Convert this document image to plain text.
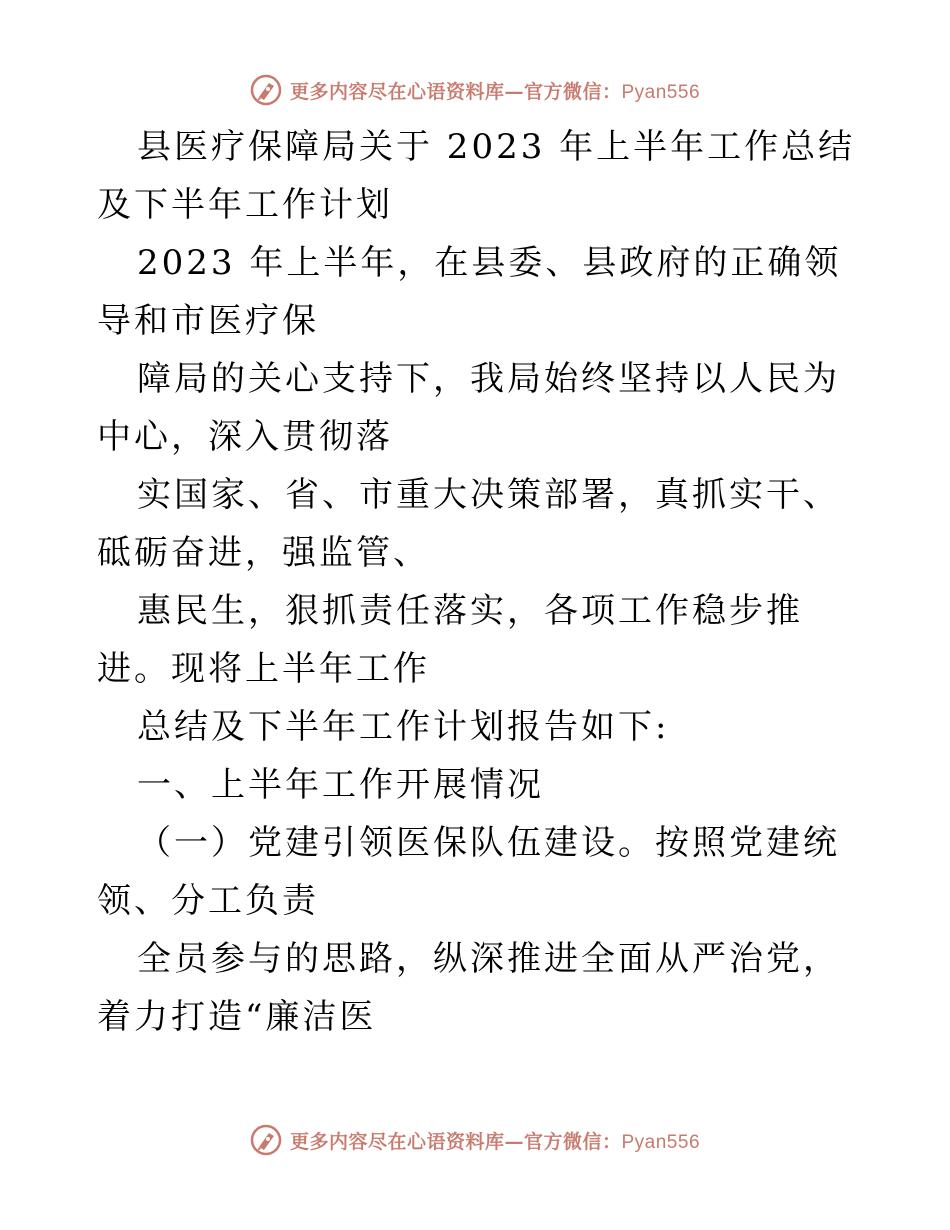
更多内容尽在心语资料库—官方微信：Pyan556

县医疗保障局关于 2023 年上半年工作总结及下半年工作计划

2023 年上半年，在县委、县政府的正确领导和市医疗保

障局的关心支持下，我局始终坚持以人民为中心，深入贯彻落

实国家、省、市重大决策部署，真抓实干、砥砺奋进，强监管、

惠民生，狠抓责任落实，各项工作稳步推进。现将上半年工作

总结及下半年工作计划报告如下:

一、上半年工作开展情况

（一）党建引领医保队伍建设。按照党建统领、分工负责

全员参与的思路，纵深推进全面从严治党，着力打造“廉洁医

更多内容尽在心语资料库—官方微信：Pyan556
